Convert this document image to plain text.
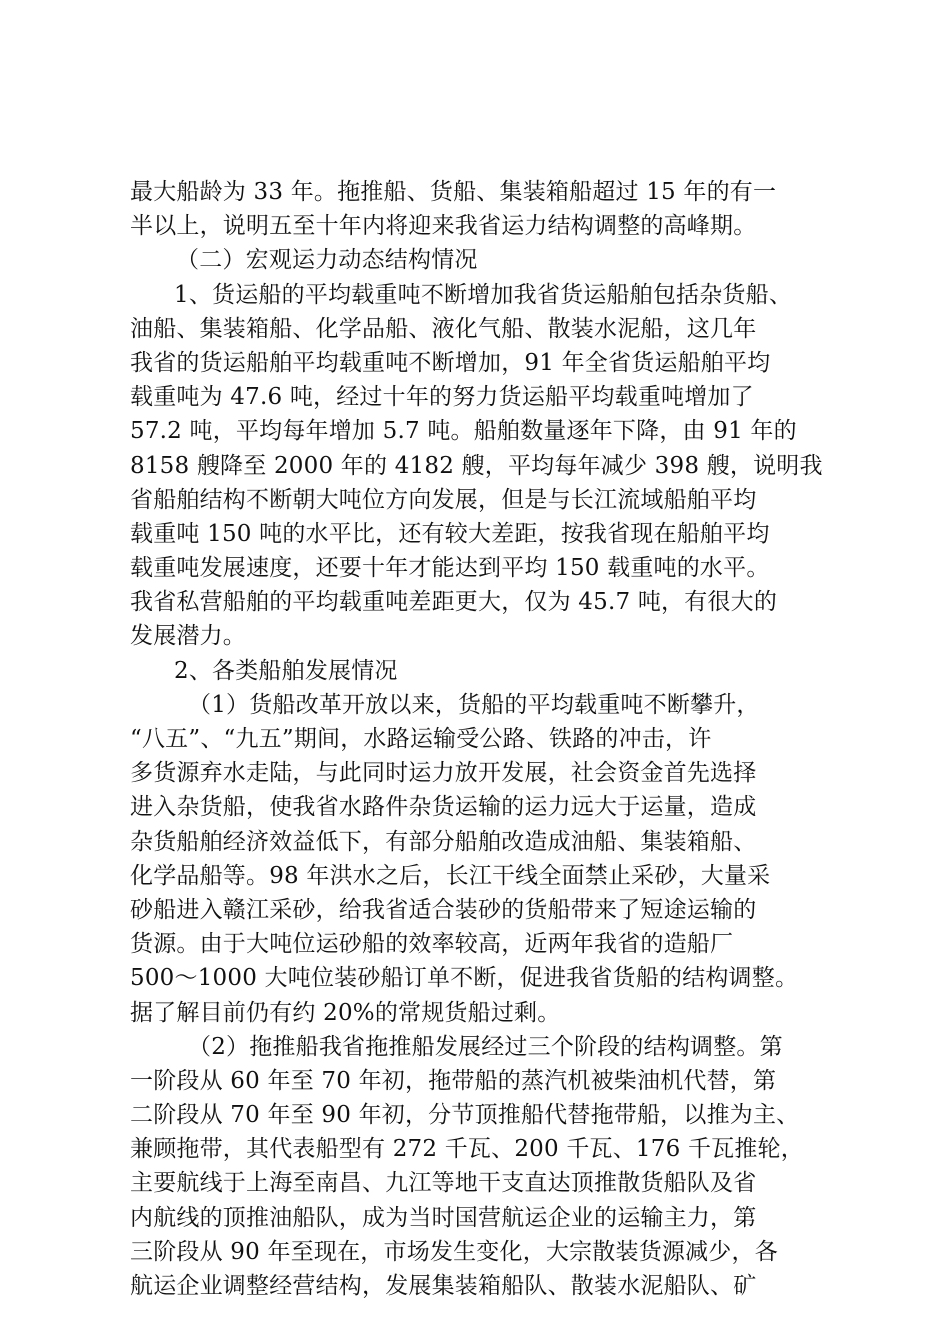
最大船龄为 33 年。拖推船、货船、集装箱船超过 15 年的有一
半以上，说明五至十年内将迎来我省运力结构调整的高峰期。
（二）宏观运力动态结构情况
1、货运船的平均载重吨不断增加我省货运船舶包括杂货船、
油船、集装箱船、化学品船、液化气船、散装水泥船，这几年
我省的货运船舶平均载重吨不断增加，91 年全省货运船舶平均
载重吨为 47.6 吨，经过十年的努力货运船平均载重吨增加了
57.2 吨，平均每年增加 5.7 吨。船舶数量逐年下降，由 91 年的
8158 艘降至 2000 年的 4182 艘，平均每年减少 398 艘，说明我
省船舶结构不断朝大吨位方向发展，但是与长江流域船舶平均
载重吨 150 吨的水平比，还有较大差距，按我省现在船舶平均
载重吨发展速度，还要十年才能达到平均 150 载重吨的水平。
我省私营船舶的平均载重吨差距更大，仅为 45.7 吨，有很大的
发展潜力。
2、各类船舶发展情况
（1）货船改革开放以来，货船的平均载重吨不断攀升，
“八五”、“九五”期间，水路运输受公路、铁路的冲击，许
多货源弃水走陆，与此同时运力放开发展，社会资金首先选择
进入杂货船，使我省水路件杂货运输的运力远大于运量，造成
杂货船舶经济效益低下，有部分船舶改造成油船、集装箱船、
化学品船等。98 年洪水之后，长江干线全面禁止采砂，大量采
砂船进入赣江采砂，给我省适合装砂的货船带来了短途运输的
货源。由于大吨位运砂船的效率较高，近两年我省的造船厂
500～1000 大吨位装砂船订单不断，促进我省货船的结构调整。
据了解目前仍有约 20%的常规货船过剩。
（2）拖推船我省拖推船发展经过三个阶段的结构调整。第
一阶段从 60 年至 70 年初，拖带船的蒸汽机被柴油机代替，第
二阶段从 70 年至 90 年初，分节顶推船代替拖带船，以推为主、
兼顾拖带，其代表船型有 272 千瓦、200 千瓦、176 千瓦推轮，
主要航线于上海至南昌、九江等地干支直达顶推散货船队及省
内航线的顶推油船队，成为当时国营航运企业的运输主力，第
三阶段从 90 年至现在，市场发生变化，大宗散装货源减少，各
航运企业调整经营结构，发展集装箱船队、散装水泥船队、矿
